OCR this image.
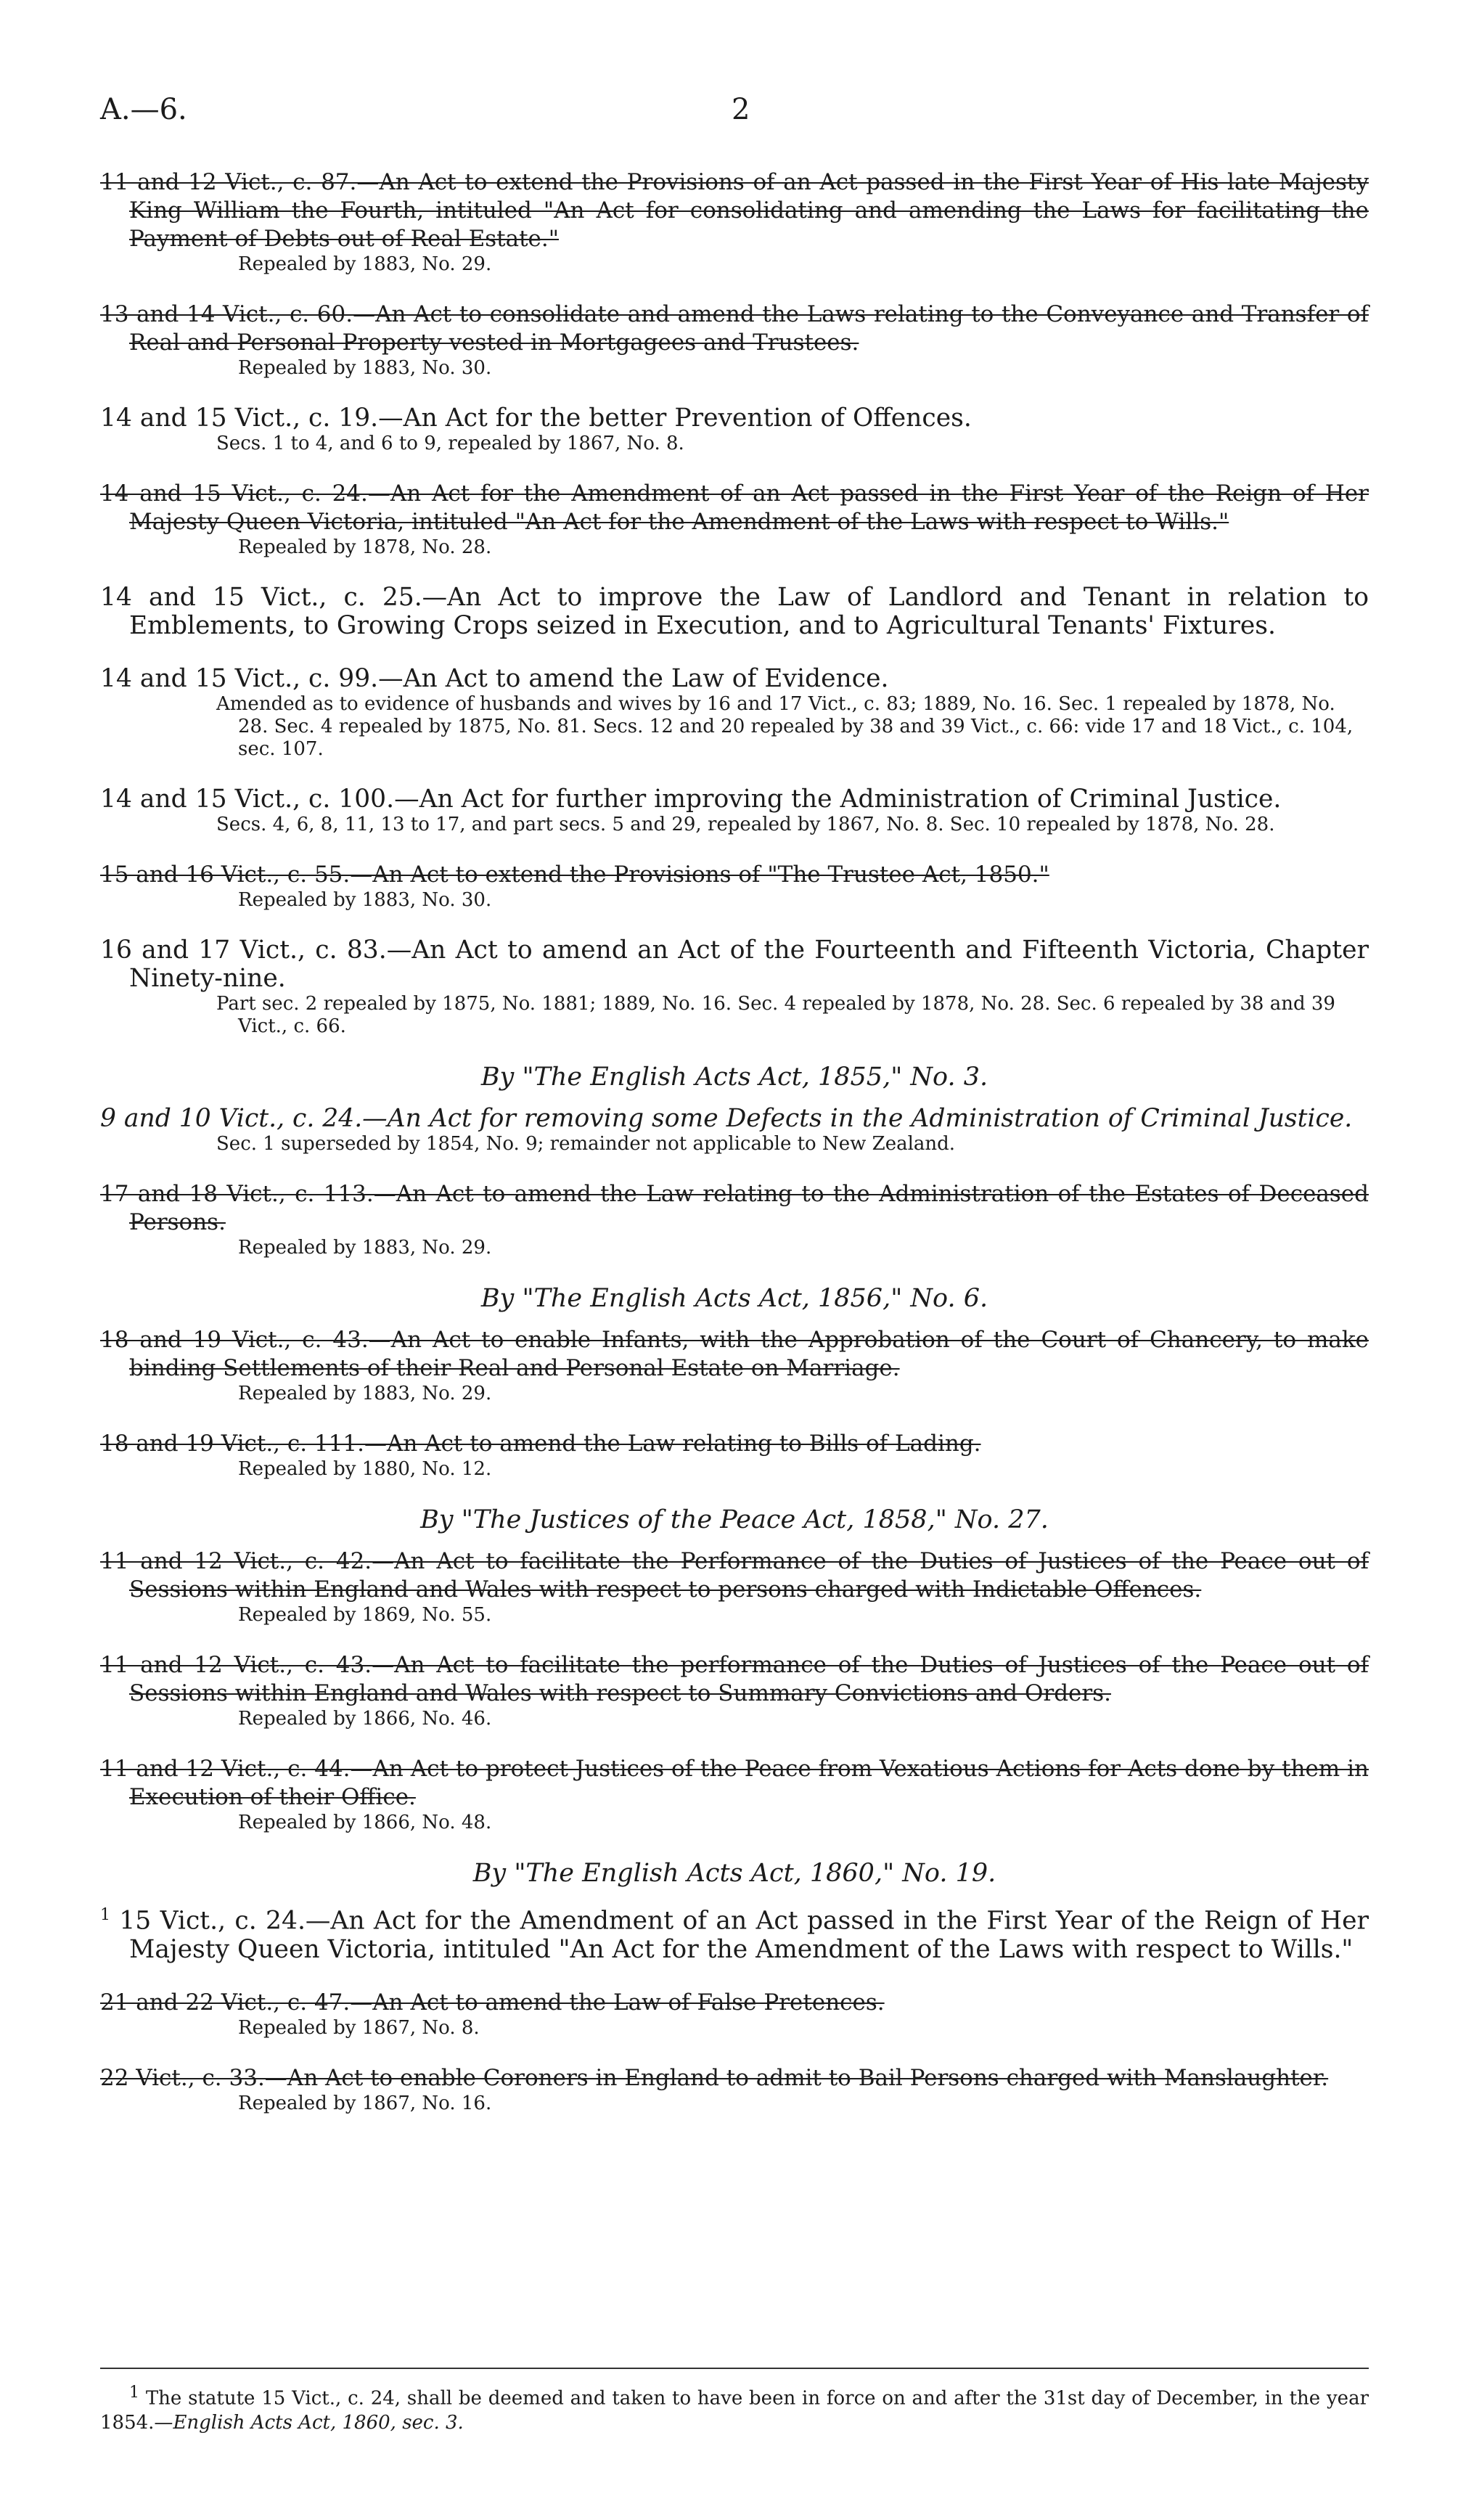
A.—6.	2
11 and 12 Vict., c. 87.—An Act to extend the Provisions of an Act passed in the First Year of His late Majesty King William the Fourth, intituled "An Act for consolidating and amending the Laws for facilitating the Payment of Debts out of Real Estate."
Repealed by 1883, No. 29.
13 and 14 Vict., c. 60.—An Act to consolidate and amend the Laws relating to the Conveyance and Transfer of Real and Personal Property vested in Mortgagees and Trustees.
Repealed by 1883, No. 30.
14 and 15 Vict., c. 19.—An Act for the better Prevention of Offences.
Secs. 1 to 4, and 6 to 9, repealed by 1867, No. 8.
14 and 15 Vict., c. 24.—An Act for the Amendment of an Act passed in the First Year of the Reign of Her Majesty Queen Victoria, intituled "An Act for the Amendment of the Laws with respect to Wills."
Repealed by 1878, No. 28.
14 and 15 Vict., c. 25.—An Act to improve the Law of Landlord and Tenant in relation to Emblements, to Growing Crops seized in Execution, and to Agricultural Tenants' Fixtures.
14 and 15 Vict., c. 99.—An Act to amend the Law of Evidence.
Amended as to evidence of husbands and wives by 16 and 17 Vict., c. 83; 1889, No. 16. Sec. 1 repealed by 1878, No. 28. Sec. 4 repealed by 1875, No. 81. Secs. 12 and 20 repealed by 38 and 39 Vict., c. 66: vide 17 and 18 Vict., c. 104, sec. 107.
14 and 15 Vict., c. 100.—An Act for further improving the Administration of Criminal Justice.
Secs. 4, 6, 8, 11, 13 to 17, and part secs. 5 and 29, repealed by 1867, No. 8. Sec. 10 repealed by 1878, No. 28.
15 and 16 Vict., c. 55.—An Act to extend the Provisions of "The Trustee Act, 1850."
Repealed by 1883, No. 30.
16 and 17 Vict., c. 83.—An Act to amend an Act of the Fourteenth and Fifteenth Victoria, Chapter Ninety-nine.
Part sec. 2 repealed by 1875, No. 1881; 1889, No. 16. Sec. 4 repealed by 1878, No. 28. Sec. 6 repealed by 38 and 39 Vict., c. 66.
By "The English Acts Act, 1855," No. 3.
9 and 10 Vict., c. 24.—An Act for removing some Defects in the Administration of Criminal Justice.
Sec. 1 superseded by 1854, No. 9; remainder not applicable to New Zealand.
17 and 18 Vict., c. 113.—An Act to amend the Law relating to the Administration of the Estates of Deceased Persons.
Repealed by 1883, No. 29.
By "The English Acts Act, 1856," No. 6.
18 and 19 Vict., c. 43.—An Act to enable Infants, with the Approbation of the Court of Chancery, to make binding Settlements of their Real and Personal Estate on Marriage.
Repealed by 1883, No. 29.
18 and 19 Vict., c. 111.—An Act to amend the Law relating to Bills of Lading.
Repealed by 1880, No. 12.
By "The Justices of the Peace Act, 1858," No. 27.
11 and 12 Vict., c. 42.—An Act to facilitate the Performance of the Duties of Justices of the Peace out of Sessions within England and Wales with respect to persons charged with Indictable Offences.
Repealed by 1869, No. 55.
11 and 12 Vict., c. 43.—An Act to facilitate the performance of the Duties of Justices of the Peace out of Sessions within England and Wales with respect to Summary Convictions and Orders.
Repealed by 1866, No. 46.
11 and 12 Vict., c. 44.—An Act to protect Justices of the Peace from Vexatious Actions for Acts done by them in Execution of their Office.
Repealed by 1866, No. 48.
By "The English Acts Act, 1860," No. 19.
$^1$ 15 Vict., c. 24.—An Act for the Amendment of an Act passed in the First Year of the Reign of Her Majesty Queen Victoria, intituled "An Act for the Amendment of the Laws with respect to Wills."
21 and 22 Vict., c. 47.—An Act to amend the Law of False Pretences.
Repealed by 1867, No. 8.
22 Vict., c. 33.—An Act to enable Coroners in England to admit to Bail Persons charged with Manslaughter.
Repealed by 1867, No. 16.
$^1$ The statute 15 Vict., c. 24, shall be deemed and taken to have been in force on and after the 31st day of December, in the year 1854.—English Acts Act, 1860, sec. 3.
